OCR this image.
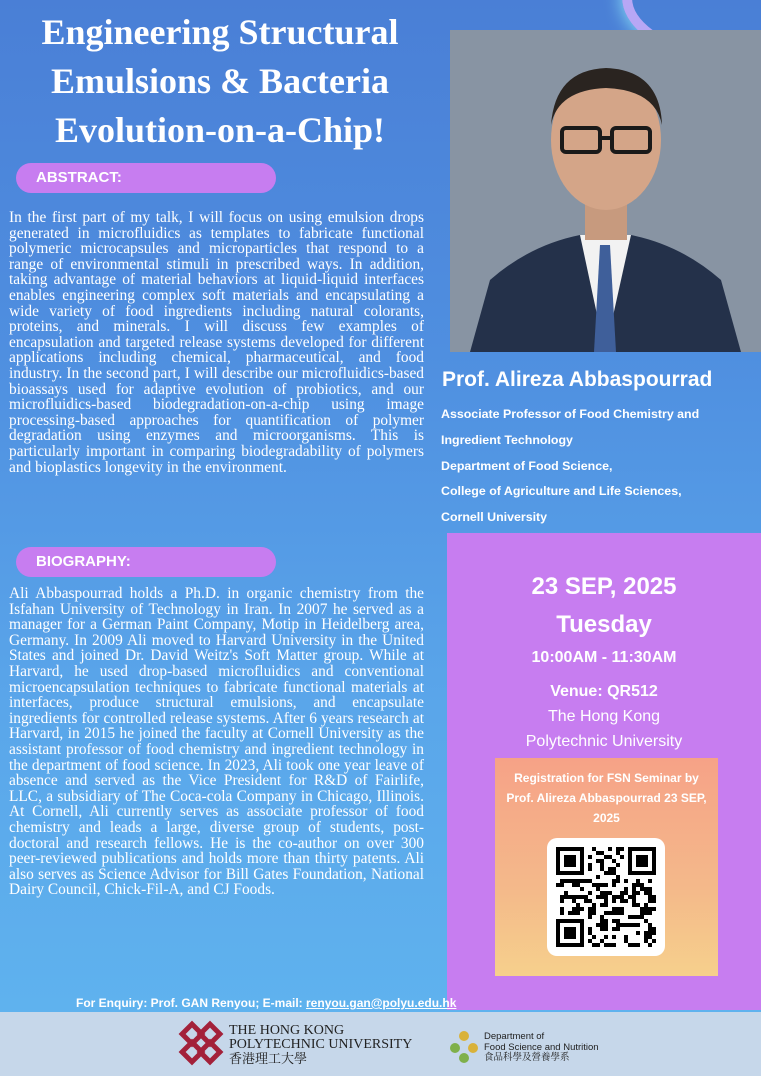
Engineering Structural
Emulsions & Bacteria
Evolution-on-a-Chip!
ABSTRACT:
In the first part of my talk, I will focus on using emulsion drops generated in microfluidics as templates to fabricate functional polymeric microcapsules and microparticles that respond to a range of environmental stimuli in prescribed ways. In addition, taking advantage of material behaviors at liquid-liquid interfaces enables engineering complex soft materials and encapsulating a wide variety of food ingredients including natural colorants, proteins, and minerals. I will discuss few examples of encapsulation and targeted release systems developed for different applications including chemical, pharmaceutical, and food industry. In the second part, I will describe our microfluidics-based bioassays used for adaptive evolution of probiotics, and our microfluidics-based biodegradation-on-a-chip using image processing-based approaches for quantification of polymer degradation using enzymes and microorganisms. This is particularly important in comparing biodegradability of polymers and bioplastics longevity in the environment.
BIOGRAPHY:
Ali Abbaspourrad holds a Ph.D. in organic chemistry from the Isfahan University of Technology in Iran. In 2007 he served as a manager for a German Paint Company, Motip in Heidelberg area, Germany. In 2009 Ali moved to Harvard University in the United States and joined Dr. David Weitz's Soft Matter group. While at Harvard, he used drop-based microfluidics and conventional microencapsulation techniques to fabricate functional materials at interfaces, produce structural emulsions, and encapsulate ingredients for controlled release systems. After 6 years research at Harvard, in 2015 he joined the faculty at Cornell University as the assistant professor of food chemistry and ingredient technology in the department of food science. In 2023, Ali took one year leave of absence and served as the Vice President for R&D of Fairlife, LLC, a subsidiary of The Coca-cola Company in Chicago, Illinois. At Cornell, Ali currently serves as associate professor of food chemistry and leads a large, diverse group of students, post-doctoral and research fellows. He is the co-author on over 300 peer-reviewed publications and holds more than thirty patents. Ali also serves as Science Advisor for Bill Gates Foundation, National Dairy Council, Chick-Fil-A, and CJ Foods.
Prof. Alireza Abbaspourrad
Associate Professor of Food Chemistry and
Ingredient Technology
Department of Food Science,
College of Agriculture and Life Sciences,
Cornell University
23 SEP, 2025
Tuesday
10:00AM - 11:30AM
Venue: QR512
The Hong Kong
Polytechnic University
Registration for FSN Seminar by Prof. Alireza Abbaspourrad 23 SEP, 2025
THE HONG KONG
POLYTECHNIC UNIVERSITY
香港理工大學
Department of
Food Science and Nutrition
食品科學及營養學系
For Enquiry: Prof. GAN Renyou; E-mail: renyou.gan@polyu.edu.hk
